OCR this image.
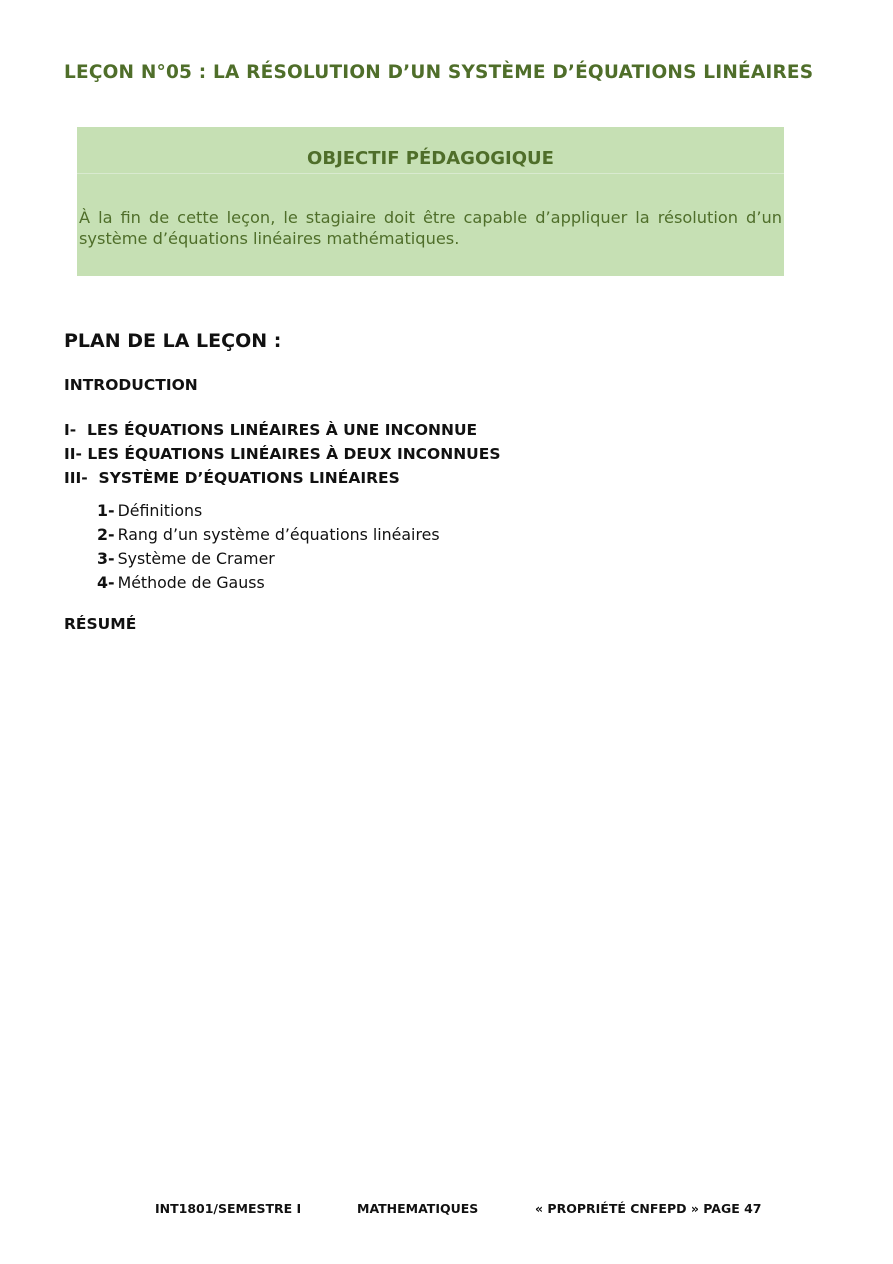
LEÇON N°05 : LA RÉSOLUTION D’UN SYSTÈME D’ÉQUATIONS LINÉAIRES
OBJECTIF PÉDAGOGIQUE
À la fin de cette leçon, le stagiaire doit être capable d’appliquer la résolution d’un système d’équations linéaires mathématiques.
PLAN DE LA LEÇON :
INTRODUCTION
I- LES ÉQUATIONS LINÉAIRES À UNE INCONNUE
II- LES ÉQUATIONS LINÉAIRES À DEUX INCONNUES
III- SYSTÈME D’ÉQUATIONS LINÉAIRES
1- Définitions
2- Rang d’un système d’équations linéaires
3- Système de Cramer
4- Méthode de Gauss
RÉSUMÉ
INT1801/SEMESTRE I	MATHEMATIQUES	« PROPRIÉTÉ CNFEPD » PAGE 47
